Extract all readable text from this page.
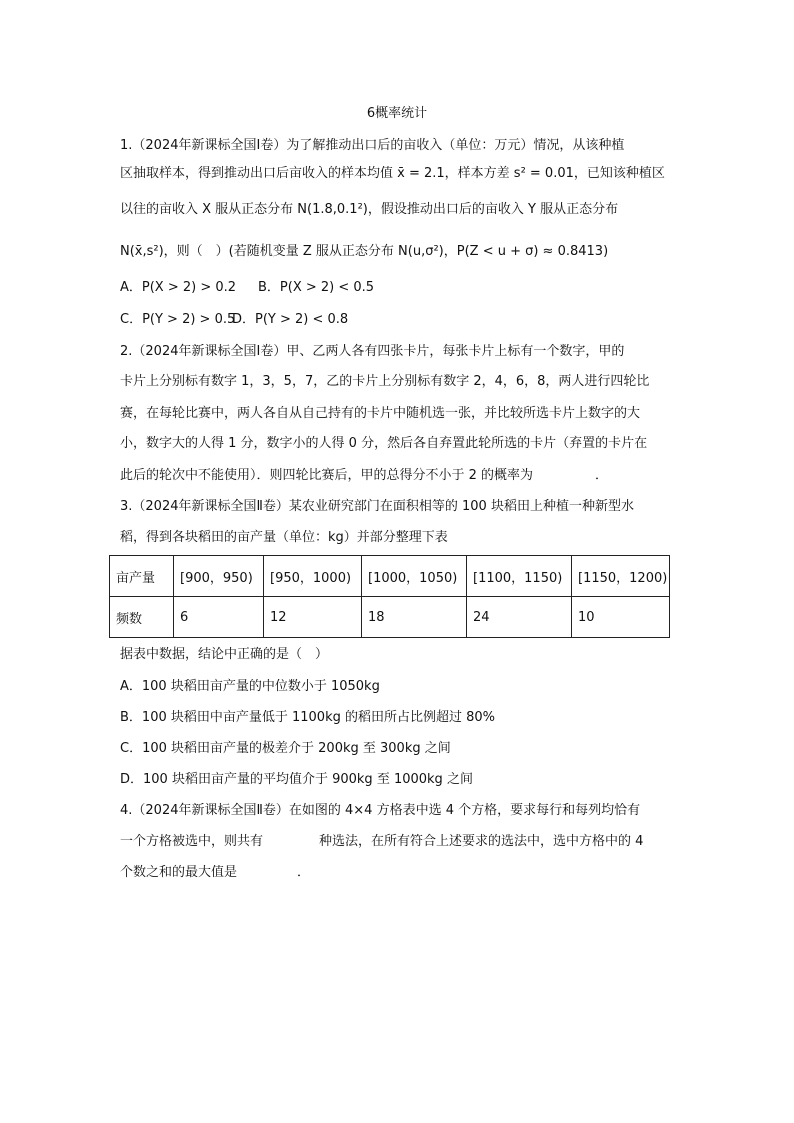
6概率统计
1.（2024年新课标全国Ⅰ卷）为了解推动出口后的亩收入（单位：万元）情况，从该种植
区抽取样本，得到推动出口后亩收入的样本均值 x̄ = 2.1，样本方差 s² = 0.01，已知该种植区
以往的亩收入 X 服从正态分布 N(1.8,0.1²)，假设推动出口后的亩收入 Y 服从正态分布
N(x̄,s²)，则（　）(若随机变量 Z 服从正态分布 N(u,σ²)，P(Z < u + σ) ≈ 0.8413)
A．P(X > 2) > 0.2 B．P(X > 2) < 0.5
C．P(Y > 2) > 0.5
D．P(Y > 2) < 0.8
2.（2024年新课标全国Ⅰ卷）甲、乙两人各有四张卡片，每张卡片上标有一个数字，甲的
卡片上分别标有数字 1，3，5，7，乙的卡片上分别标有数字 2，4，6，8，两人进行四轮比
赛，在每轮比赛中，两人各自从自己持有的卡片中随机选一张，并比较所选卡片上数字的大
小，数字大的人得 1 分，数字小的人得 0 分，然后各自弃置此轮所选的卡片（弃置的卡片在
此后的轮次中不能使用）．则四轮比赛后，甲的总得分不小于 2 的概率为	．
3.（2024年新课标全国Ⅱ卷）某农业研究部门在面积相等的 100 块稻田上种植一种新型水
稻，得到各块稻田的亩产量（单位：kg）并部分整理下表
亩产量	[900，950)	[950，1000)	[1000，1050)	[1100，1150)	[1150，1200)
频数	6	12	18	24	10
据表中数据，结论中正确的是（　）
A．100 块稻田亩产量的中位数小于 1050kg
B．100 块稻田中亩产量低于 1100kg 的稻田所占比例超过 80%
C．100 块稻田亩产量的极差介于 200kg 至 300kg 之间
D．100 块稻田亩产量的平均值介于 900kg 至 1000kg 之间
4.（2024年新课标全国Ⅱ卷）在如图的 4×4 方格表中选 4 个方格，要求每行和每列均恰有
一个方格被选中，则共有	种选法，在所有符合上述要求的选法中，选中方格中的 4
个数之和的最大值是	．
